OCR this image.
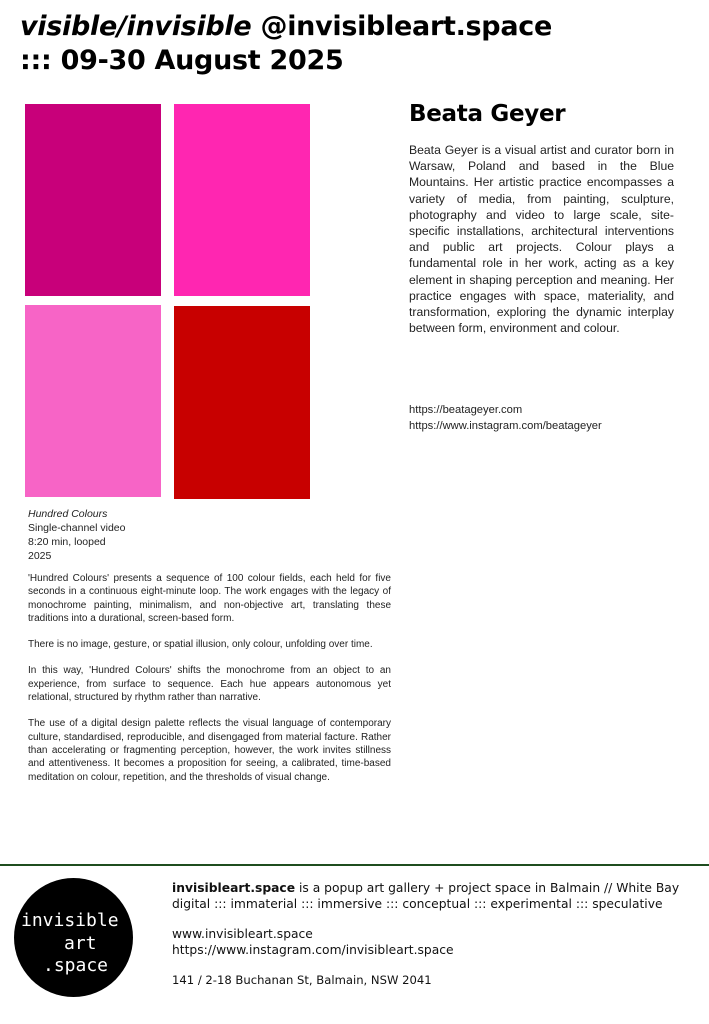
visible/invisible @invisibleart.space
::: 09-30 August 2025
Hundred Colours
Single-channel video
8:20 min, looped
2025

'Hundred Colours' presents a sequence of 100 colour fields, each held for five seconds in a continuous eight-minute loop. The work engages with the legacy of monochrome painting, minimalism, and non-objective art, translating these traditions into a durational, screen-based form.

There is no image, gesture, or spatial illusion, only colour, unfolding over time.

In this way, 'Hundred Colours' shifts the monochrome from an object to an experience, from surface to sequence. Each hue appears autonomous yet relational, structured by rhythm rather than narrative.

The use of a digital design palette reflects the visual language of contemporary culture, standardised, reproducible, and disengaged from material facture. Rather than accelerating or fragmenting perception, however, the work invites stillness and attentiveness. It becomes a proposition for seeing, a calibrated, time-based meditation on colour, repetition, and the thresholds of visual change.

Beata Geyer
Beata Geyer is a visual artist and curator born in Warsaw, Poland and based in the Blue Mountains. Her artistic practice encompasses a variety of media, from painting, sculpture, photography and video to large scale, site-specific installations, architectural interventions and public art projects. Colour plays a fundamental role in her work, acting as a key element in shaping perception and meaning. Her practice engages with space, materiality, and transformation, exploring the dynamic interplay between form, environment and colour.
https://beatageyer.com
https://www.instagram.com/beatageyer
invisible
art
.space
invisibleart.space is a popup art gallery + project space in Balmain // White Bay
digital ::: immaterial ::: immersive ::: conceptual ::: experimental ::: speculative
www.invisibleart.space
https://www.instagram.com/invisibleart.space
141 / 2-18 Buchanan St, Balmain, NSW 2041
